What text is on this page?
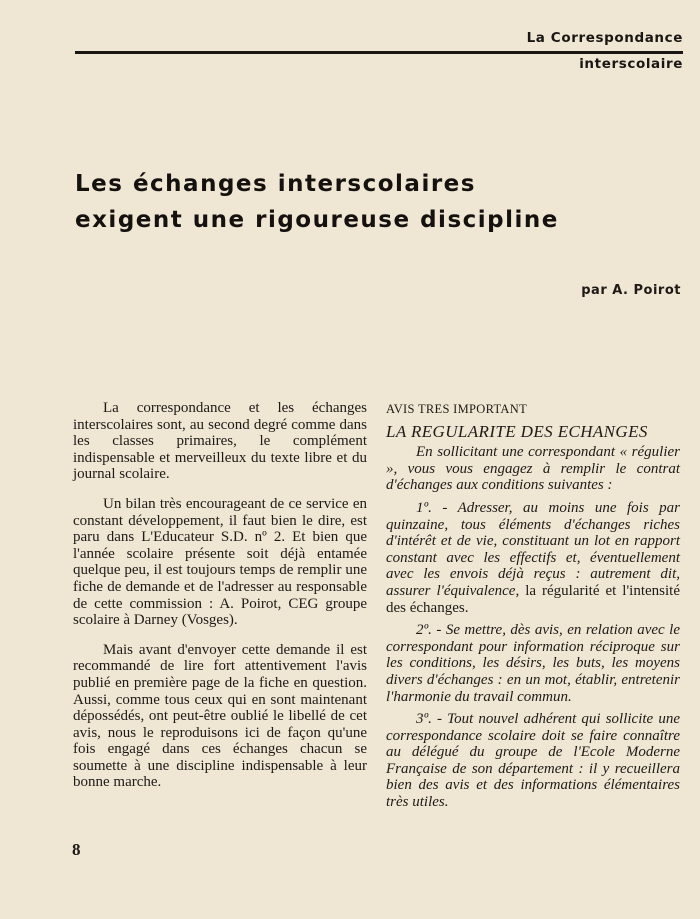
La Correspondance
interscolaire
Les échanges interscolaires
exigent une rigoureuse discipline
par A. Poirot

La correspondance et les échanges interscolaires sont, au second degré comme dans les classes primaires, le complément indispensable et merveilleux du texte libre et du journal scolaire.

Un bilan très encourageant de ce service en constant développement, il faut bien le dire, est paru dans L'Educateur S.D. nº 2. Et bien que l'année scolaire présente soit déjà entamée quelque peu, il est toujours temps de remplir une fiche de demande et de l'adresser au responsable de cette commission : A. Poirot, CEG groupe scolaire à Darney (Vosges).

Mais avant d'envoyer cette demande il est recommandé de lire fort attentivement l'avis publié en première page de la fiche en question. Aussi, comme tous ceux qui en sont maintenant dépossédés, ont peut-être oublié le libellé de cet avis, nous le reproduisons ici de façon qu'une fois engagé dans ces échanges chacun se soumette à une discipline indispensable à leur bonne marche.

AVIS TRES IMPORTANT
LA REGULARITE DES ECHANGES

En sollicitant une correspondant « régulier », vous vous engagez à remplir le contrat d'échanges aux conditions suivantes :

1º. - Adresser, au moins une fois par quinzaine, tous éléments d'échanges riches d'intérêt et de vie, constituant un lot en rapport constant avec les effectifs et, éventuellement avec les envois déjà reçus : autrement dit, assurer l'équivalence, la régularité et l'intensité des échanges.

2º. - Se mettre, dès avis, en relation avec le correspondant pour information réciproque sur les conditions, les désirs, les buts, les moyens divers d'échanges : en un mot, établir, entretenir l'harmonie du travail commun.

3º. - Tout nouvel adhérent qui sollicite une correspondance scolaire doit se faire connaître au délégué du groupe de l'Ecole Moderne Française de son département : il y recueillera bien des avis et des informations élémentaires très utiles.

8
